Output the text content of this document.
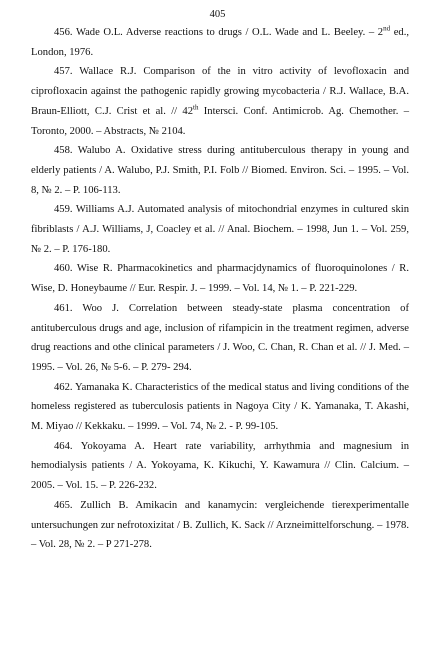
405

456. Wade O.L. Adverse reactions to drugs / O.L. Wade and L. Beeley. – 2nd ed., London, 1976.

457. Wallace R.J. Comparison of the in vitro activity of levofloxacin and ciprofloxacin against the pathogenic rapidly growing mycobacteria / R.J. Wallace, B.A. Braun-Elliott, C.J. Crist et al. // 42th Intersci. Conf. Antimicrob. Ag. Chemother. – Toronto, 2000. – Abstracts, № 2104.

458. Walubo A. Oxidative stress during antituberculous therapy in young and elderly patients / A. Walubo, P.J. Smith, P.I. Folb // Biomed. Environ. Sci. – 1995. – Vol. 8, № 2. – P. 106-113.

459. Williams A.J. Automated analysis of mitochondrial enzymes in cultured skin fibriblasts / A.J. Williams, J, Coacley et al. // Anal. Biochem. – 1998, Jun 1. – Vol. 259, № 2. – P. 176-180.

460. Wise R. Pharmacokinetics and pharmacjdynamics of fluoroquinolones / R. Wise, D. Honeybaume // Eur. Respir. J. – 1999. – Vol. 14, № 1. – P. 221-229.

461. Woo J. Correlation between steady-state plasma concentration of antituberculous drugs and age, inclusion of rifampicin in the treatment regimen, adverse drug reactions and othe clinical parameters / J. Woo, C. Chan, R. Chan et al. // J. Med. – 1995. – Vol. 26, № 5-6. – P. 279- 294.

462. Yamanaka K. Characteristics of the medical status and living conditions of the homeless registered as tuberculosis patients in Nagoya City / K. Yamanaka, T. Akashi, M. Miyao // Kekkaku. – 1999. – Vol. 74, № 2. - P. 99-105.

464. Yokoyama A. Heart rate variability, arrhythmia and magnesium in hemodialysis patients / A. Yokoyama, K. Kikuchi, Y. Kawamura // Clin. Calcium. – 2005. – Vol. 15. – P. 226-232.

465. Zullich B. Amikacin and kanamycin: vergleichende tierexperimentalle untersuchungen zur nefrotoxizitat / B. Zullich, K. Sack // Arzneimittelforschung. – 1978. – Vol. 28, № 2. – P 271-278.
